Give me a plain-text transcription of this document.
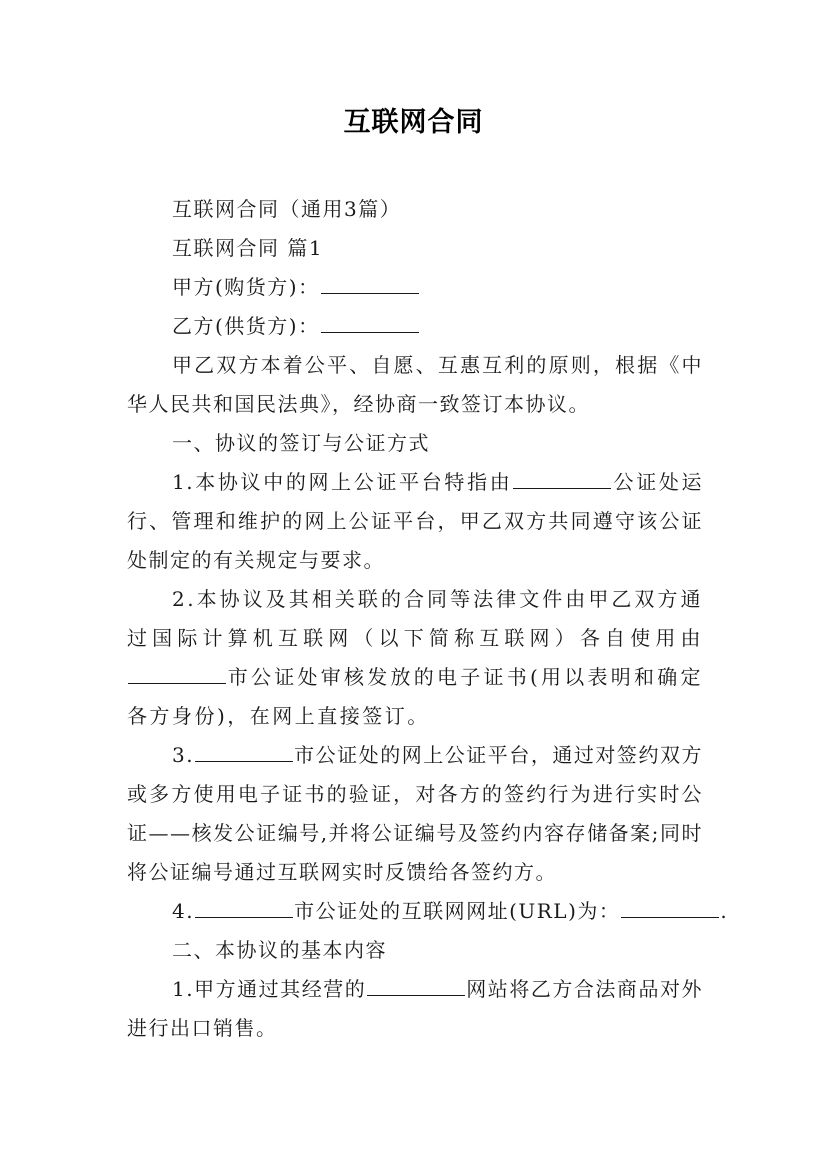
互联网合同

互联网合同（通用3篇）

互联网合同 篇1

甲方(购货方)：

乙方(供货方)：

甲乙双方本着公平、自愿、互惠互利的原则，根据《中华人民共和国民法典》，经协商一致签订本协议。

一、协议的签订与公证方式

1.本协议中的网上公证平台特指由	公证处运行、管理和维护的网上公证平台，甲乙双方共同遵守该公证处制定的有关规定与要求。

2.本协议及其相关联的合同等法律文件由甲乙双方通过国际计算机互联网（以下简称互联网）各自使用由市公证处审核发放的电子证书(用以表明和确定各方身份)，在网上直接签订。

3.	市公证处的网上公证平台，通过对签约双方或多方使用电子证书的验证，对各方的签约行为进行实时公证——核发公证编号,并将公证编号及签约内容存储备案;同时将公证编号通过互联网实时反馈给各签约方。

4.	市公证处的互联网网址(URL)为：	.

二、本协议的基本内容

1.甲方通过其经营的	网站将乙方合法商品对外进行出口销售。
